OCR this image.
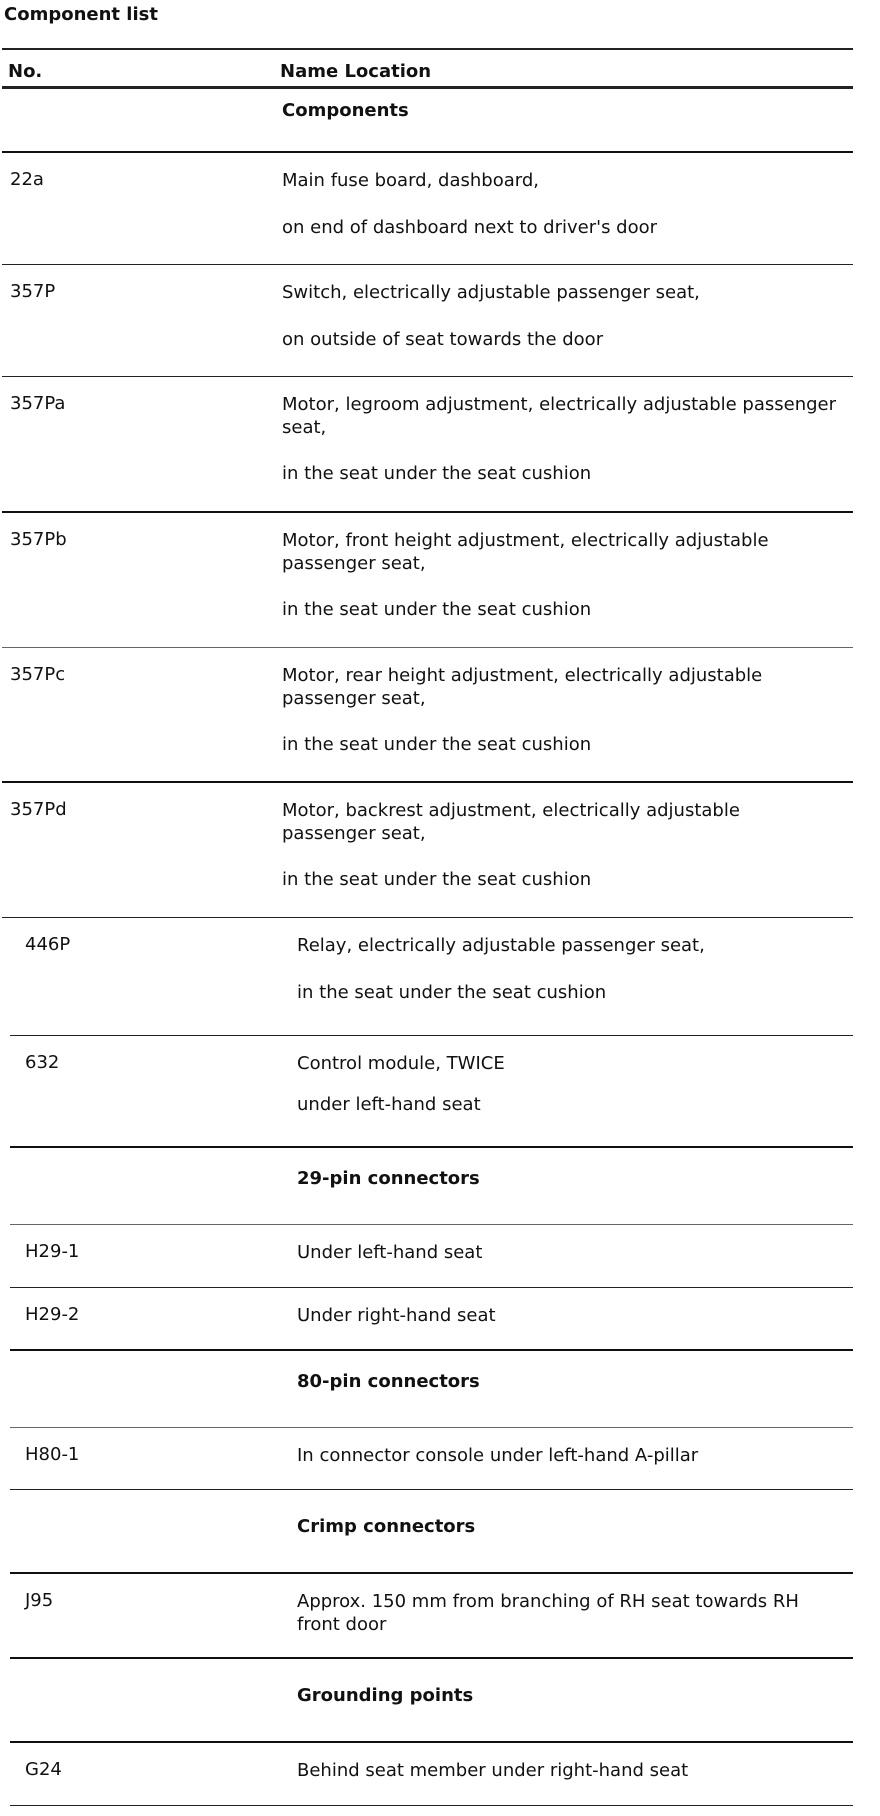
Component list
No.	Name Location
Components
22a	Main fuse board, dashboard,
on end of dashboard next to driver's door
357P	Switch, electrically adjustable passenger seat,
on outside of seat towards the door
357Pa	Motor, legroom adjustment, electrically adjustable passenger seat,
in the seat under the seat cushion
357Pb	Motor, front height adjustment, electrically adjustable passenger seat,
in the seat under the seat cushion
357Pc	Motor, rear height adjustment, electrically adjustable passenger seat,
in the seat under the seat cushion
357Pd	Motor, backrest adjustment, electrically adjustable passenger seat,
in the seat under the seat cushion
446P	Relay, electrically adjustable passenger seat,
in the seat under the seat cushion
632	Control module, TWICE
under left-hand seat
29-pin connectors
H29-1	Under left-hand seat
H29-2	Under right-hand seat
80-pin connectors
H80-1	In connector console under left-hand A-pillar
Crimp connectors
J95	Approx. 150 mm from branching of RH seat towards RH front door
Grounding points
G24	Behind seat member under right-hand seat
